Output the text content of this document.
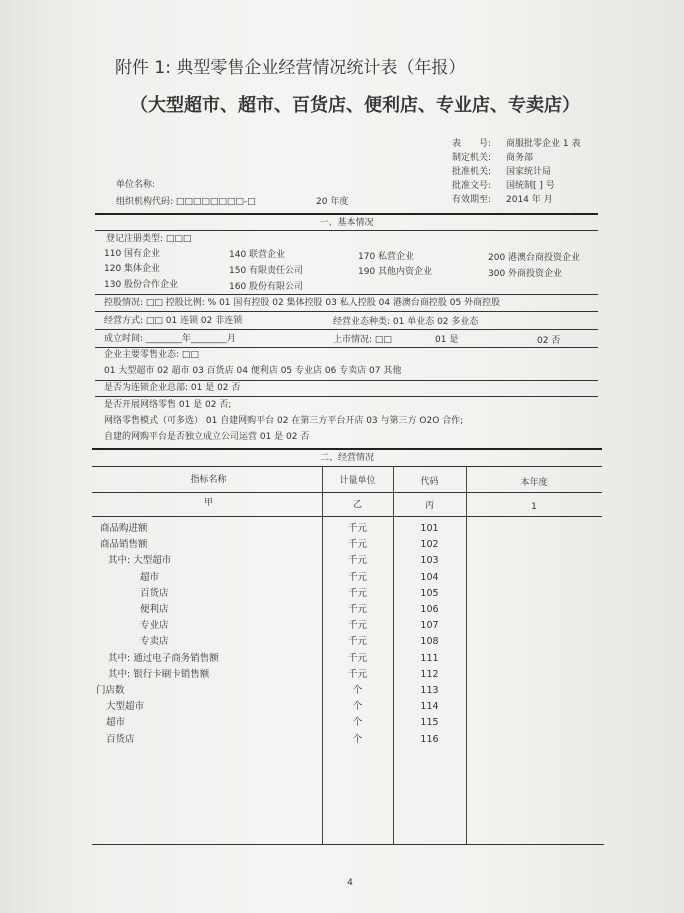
附件 1: 典型零售企业经营情况统计表（年报）
（大型超市、超市、百货店、便利店、专业店、专卖店）
表　　号: 商服批零企业 1 表
制定机关: 商务部
批准机关: 国家统计局
批准文号: 国统制[ ] 号
有效期至: 2014 年 月
单位名称:
组织机构代码: □□□□□□□□-□	20 年度
一、基本情况
登记注册类型: □□□
110 国有企业	140 联营企业	170 私营企业	200 港澳台商投资企业
120 集体企业	150 有限责任公司	190 其他内资企业	300 外商投资企业
130 股份合作企业	160 股份有限公司
控股情况: □□ 控股比例: % 01 国有控股 02 集体控股 03 私人控股 04 港澳台商控股 05 外商控股
经营方式: □□ 01 连锁 02 非连锁	经营业态种类: 01 单业态 02 多业态
成立时间: ________年________月	上市情况: □□	01 是	02 否
企业主要零售业态: □□
01 大型超市 02 超市 03 百货店 04 便利店 05 专业店 06 专卖店 07 其他
是否为连锁企业总部: 01 是 02 否
是否开展网络零售 01 是 02 否;
网络零售模式（可多选） 01 自建网购平台 02 在第三方平台开店 03 与第三方 O2O 合作;
自建的网购平台是否独立成立公司运营 01 是 02 否
二、经营情况
指标名称	计量单位	代码	本年度
甲	乙	丙	1
商品购进额	千元	101
商品销售额	千元	102
其中: 大型超市	千元	103
超市	千元	104
百货店	千元	105
便利店	千元	106
专业店	千元	107
专卖店	千元	108
其中: 通过电子商务销售额	千元	111
其中: 银行卡刷卡销售额	千元	112
门店数	个	113
大型超市	个	114
超市	个	115
百货店	个	116
4
